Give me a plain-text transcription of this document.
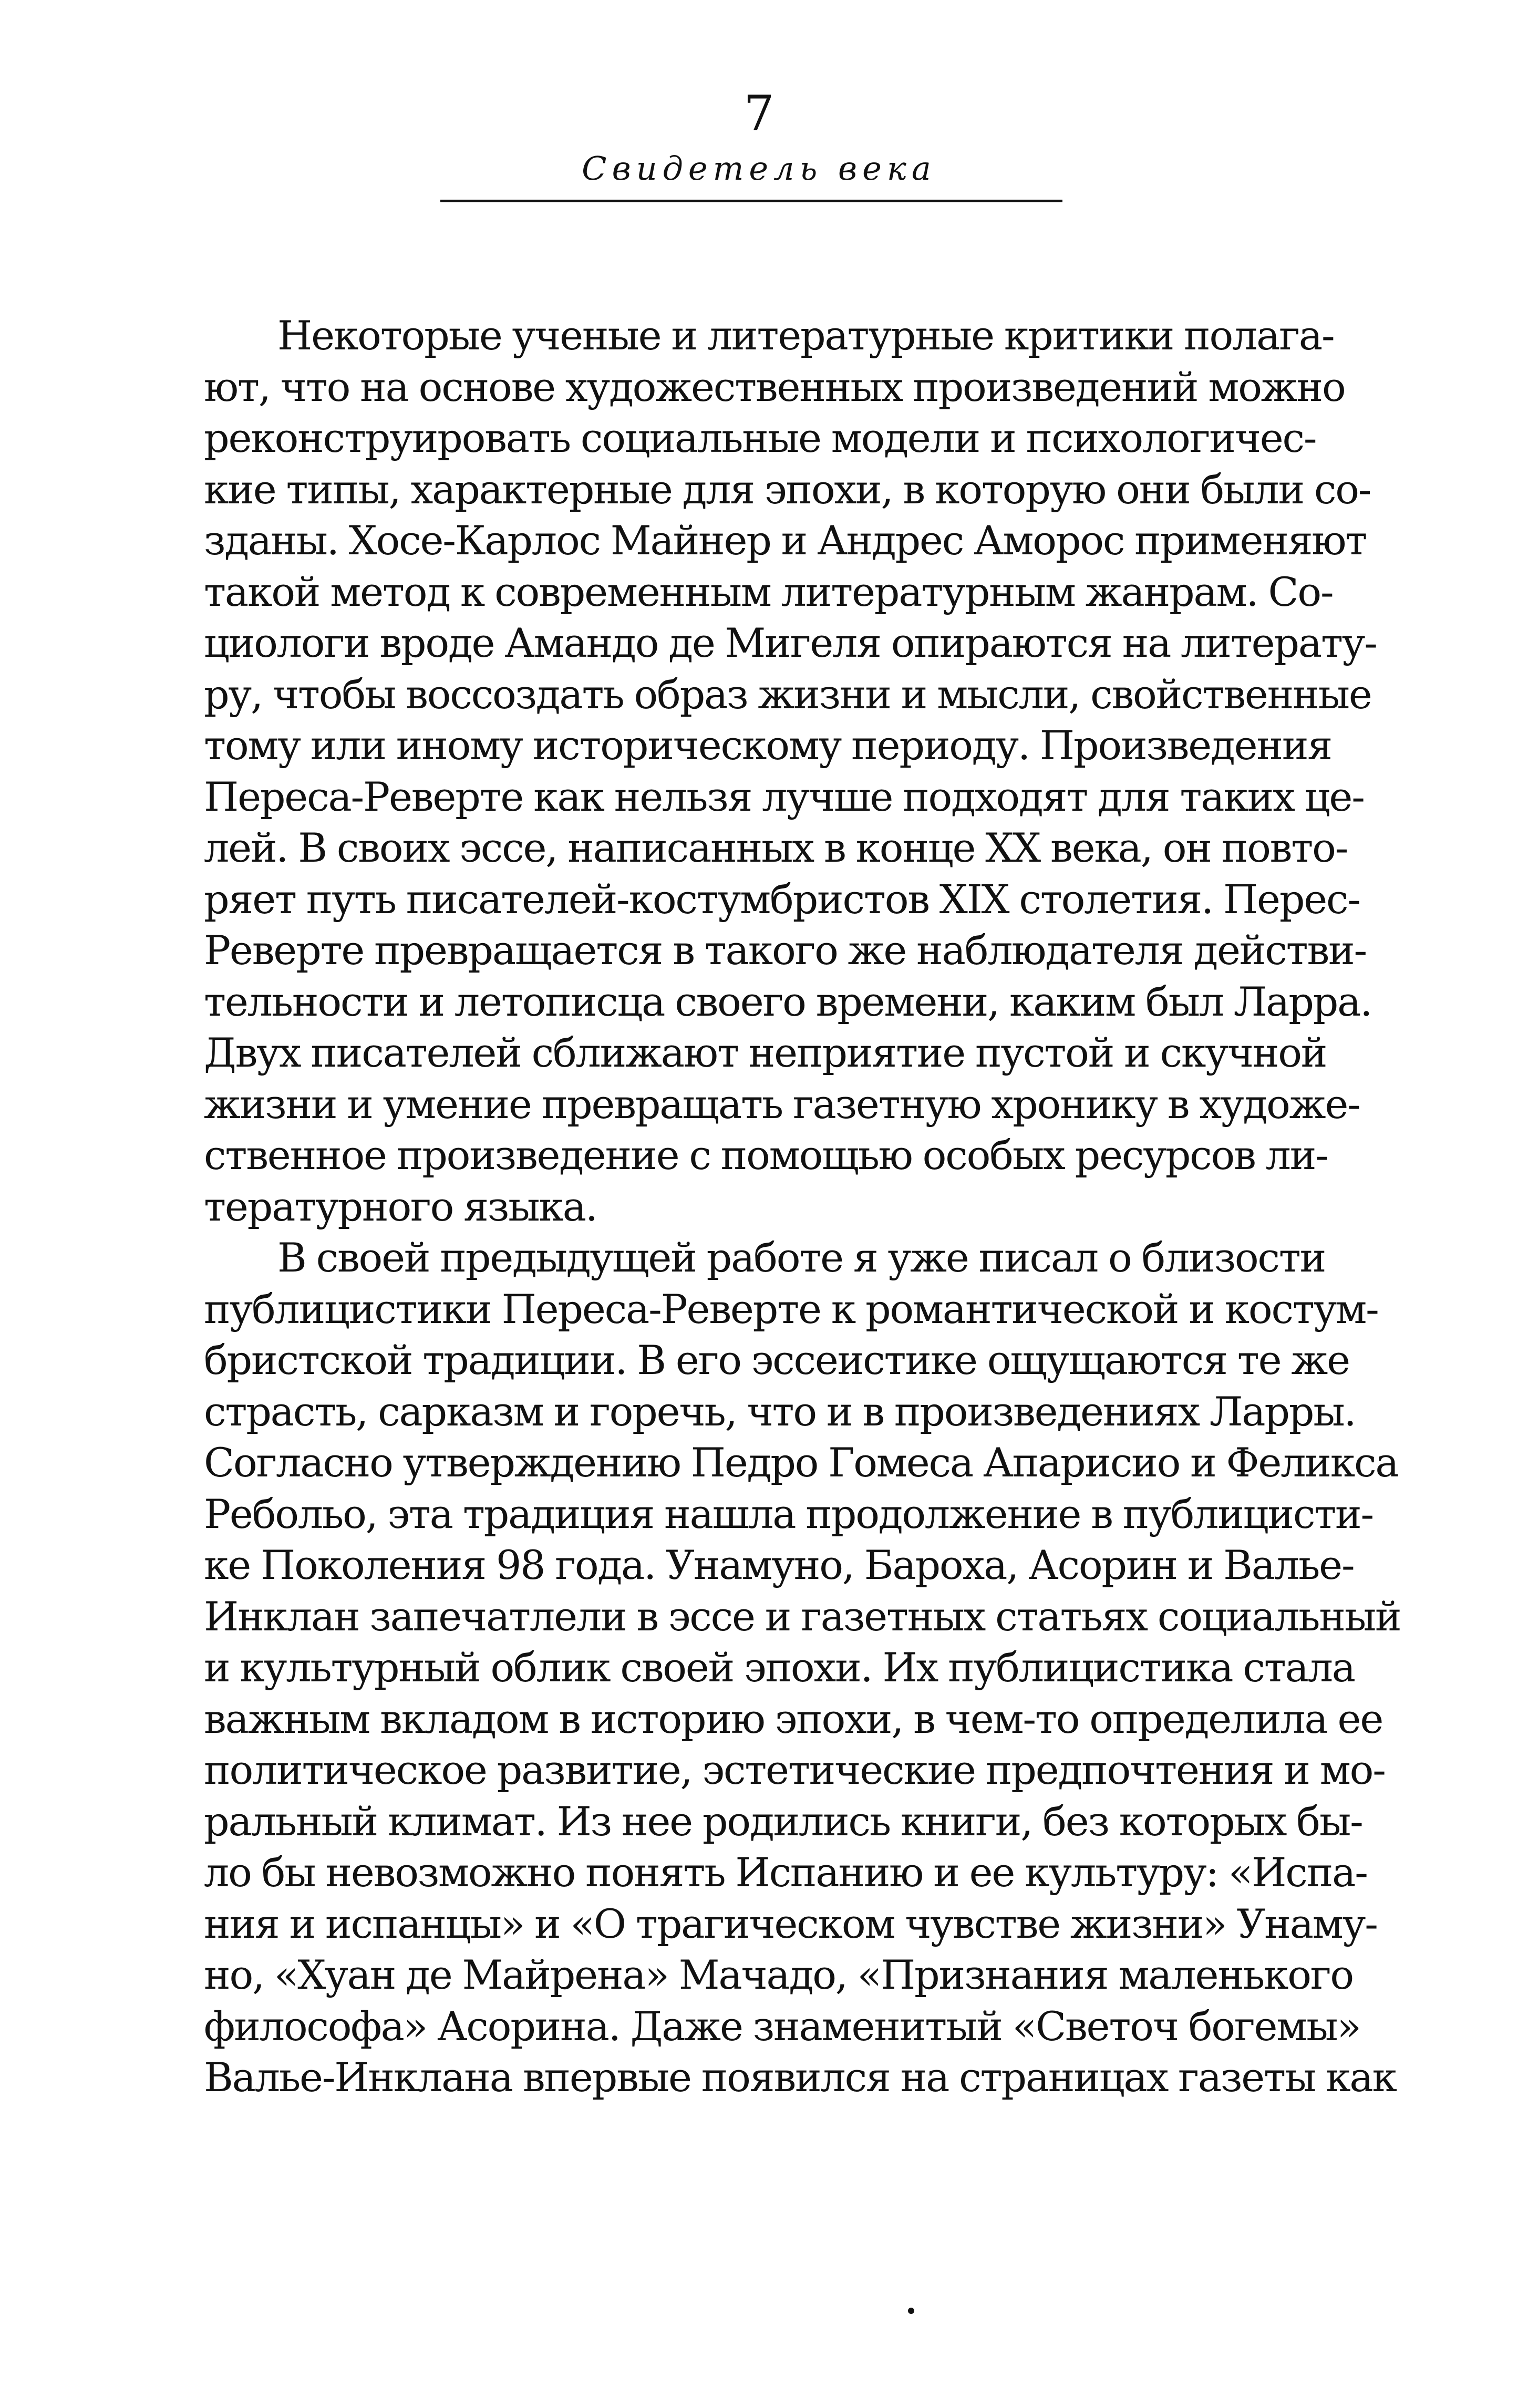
7
Свидетель века
Некоторые ученые и литературные критики полага-
ют, что на основе художественных произведений можно
реконструировать социальные модели и психологичес-
кие типы, характерные для эпохи, в которую они были со-
зданы. Хосе-Карлос Майнер и Андрес Аморос применяют
такой метод к современным литературным жанрам. Со-
циологи вроде Амандо де Мигеля опираются на литерату-
ру, чтобы воссоздать образ жизни и мысли, свойственные
тому или иному историческому периоду. Произведения
Переса-Реверте как нельзя лучше подходят для таких це-
лей. В своих эссе, написанных в конце XX века, он повто-
ряет путь писателей-костумбристов XIX столетия. Перес-
Реверте превращается в такого же наблюдателя действи-
тельности и летописца своего времени, каким был Ларра.
Двух писателей сближают неприятие пустой и скучной
жизни и умение превращать газетную хронику в художе-
ственное произведение с помощью особых ресурсов ли-
тературного языка.
В своей предыдущей работе я уже писал о близости
публицистики Переса-Реверте к романтической и костум-
бристской традиции. В его эссеистике ощущаются те же
страсть, сарказм и горечь, что и в произведениях Ларры.
Согласно утверждению Педро Гомеса Апарисио и Феликса
Ребольо, эта традиция нашла продолжение в публицисти-
ке Поколения 98 года. Унамуно, Бароха, Асорин и Валье-
Инклан запечатлели в эссе и газетных статьях социальный
и культурный облик своей эпохи. Их публицистика стала
важным вкладом в историю эпохи, в чем-то определила ее
политическое развитие, эстетические предпочтения и мо-
ральный климат. Из нее родились книги, без которых бы-
ло бы невозможно понять Испанию и ее культуру: «Испа-
ния и испанцы» и «О трагическом чувстве жизни» Унаму-
но, «Хуан де Майрена» Мачадо, «Признания маленького
философа» Асорина. Даже знаменитый «Светоч богемы»
Валье-Инклана впервые появился на страницах газеты как
